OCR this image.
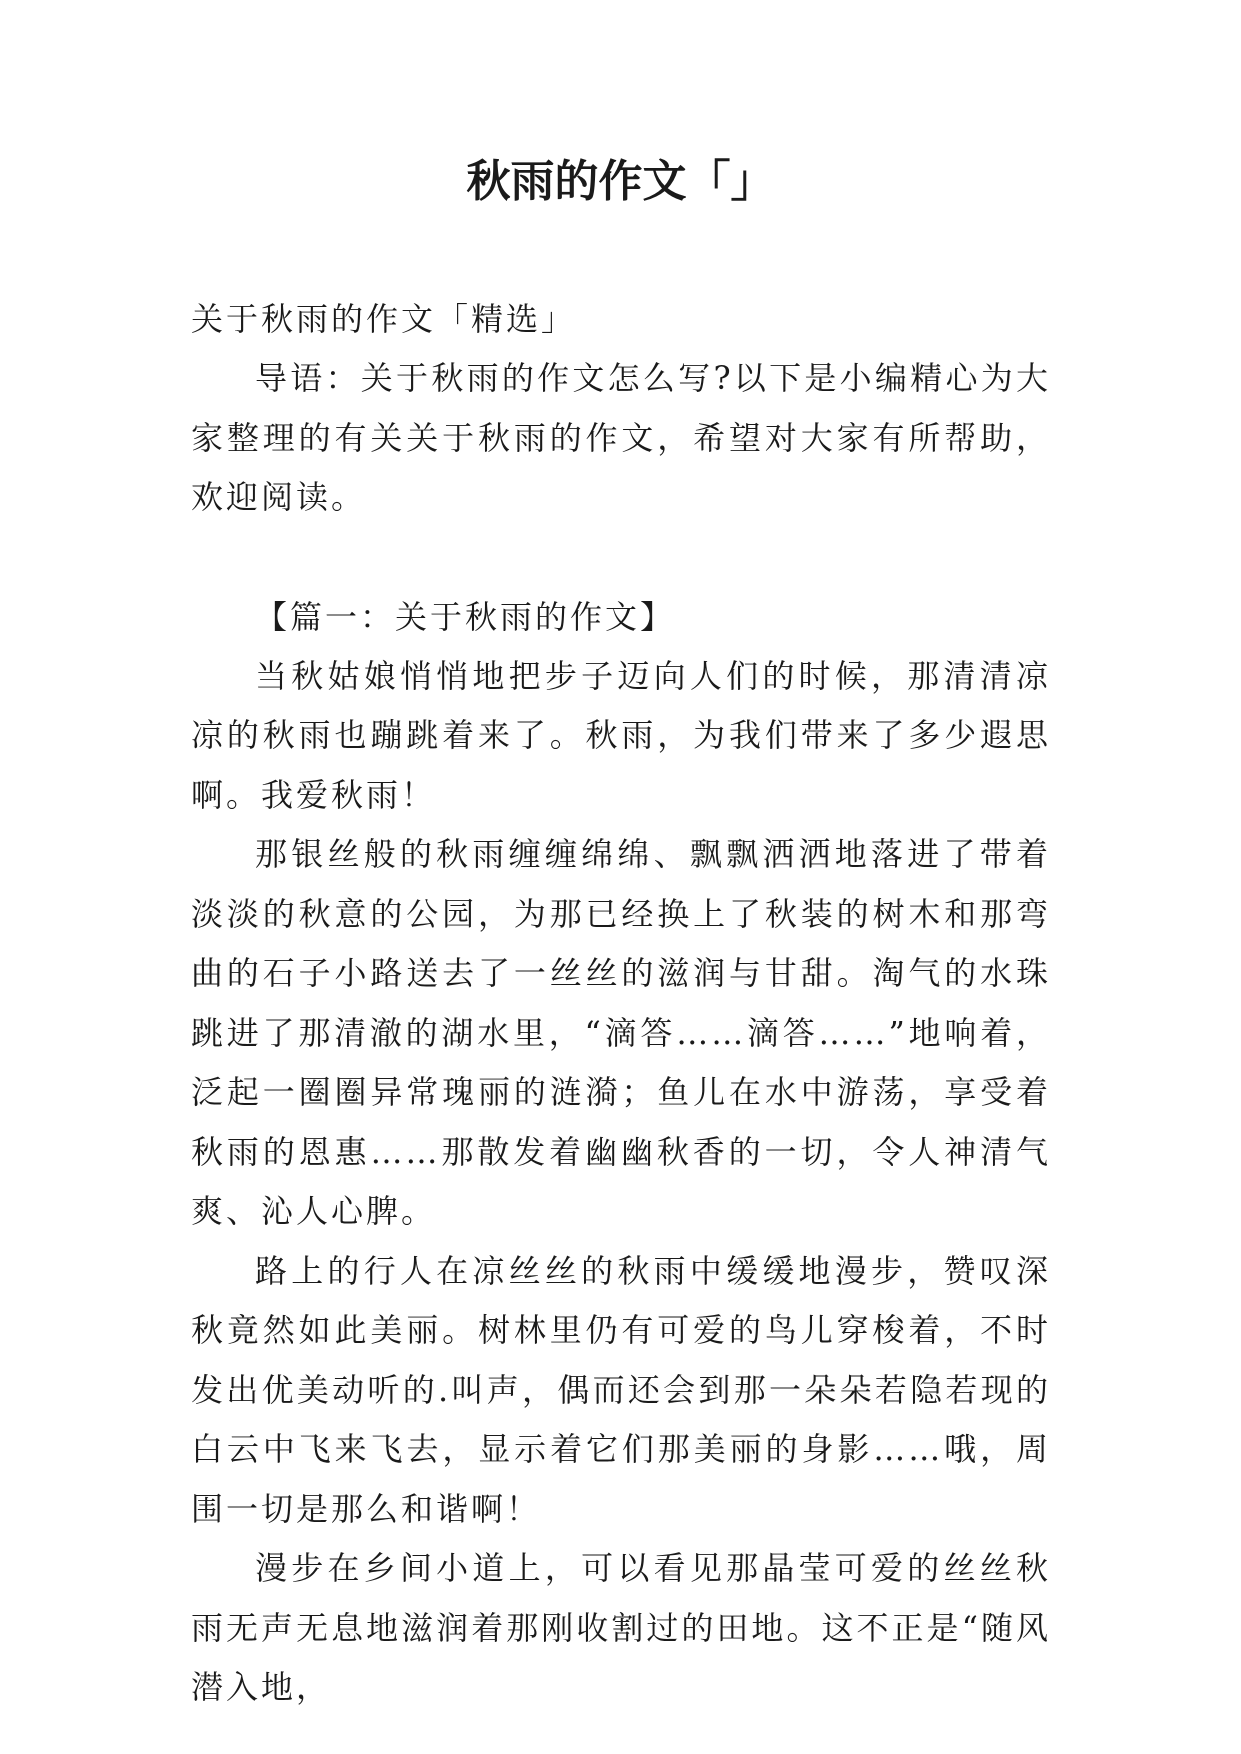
秋雨的作文「」

关于秋雨的作文「精选」

导语：关于秋雨的作文怎么写?以下是小编精心为大家整理的有关关于秋雨的作文，希望对大家有所帮助，欢迎阅读。

【篇一：关于秋雨的作文】

当秋姑娘悄悄地把步子迈向人们的时候，那清清凉凉的秋雨也蹦跳着来了。秋雨，为我们带来了多少遐思啊。我爱秋雨！

那银丝般的秋雨缠缠绵绵、飘飘洒洒地落进了带着淡淡的秋意的公园，为那已经换上了秋装的树木和那弯曲的石子小路送去了一丝丝的滋润与甘甜。淘气的水珠跳进了那清澈的湖水里，“滴答……滴答……”地响着，泛起一圈圈异常瑰丽的涟漪；鱼儿在水中游荡，享受着秋雨的恩惠……那散发着幽幽秋香的一切，令人神清气爽、沁人心脾。

路上的行人在凉丝丝的秋雨中缓缓地漫步，赞叹深秋竟然如此美丽。树林里仍有可爱的鸟儿穿梭着，不时发出优美动听的.叫声，偶而还会到那一朵朵若隐若现的白云中飞来飞去，显示着它们那美丽的身影……哦，周围一切是那么和谐啊！

漫步在乡间小道上，可以看见那晶莹可爱的丝丝秋雨无声无息地滋润着那刚收割过的田地。这不正是“随风潜入地，
